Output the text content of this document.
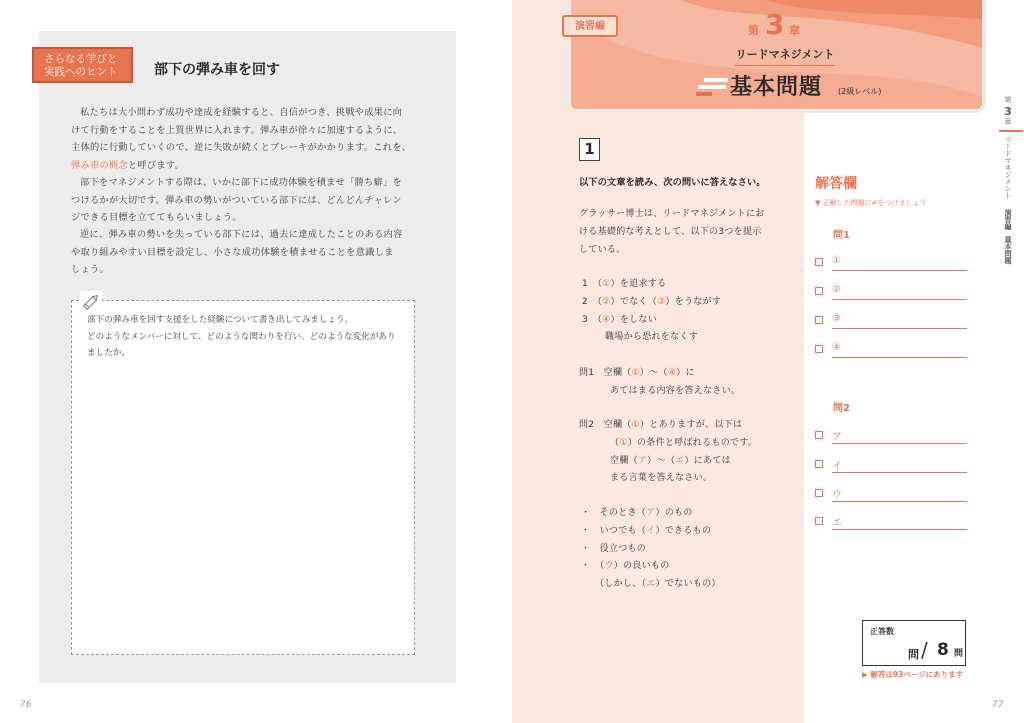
さらなる学びと
実践へのヒント	部下の弾み車を回す
私たちは大小問わず成功や達成を経験すると、自信がつき、挑戦や成果に向
けて行動をすることを上質世界に入れます。弾み車が徐々に加速するように、
主体的に行動していくので、逆に失敗が続くとブレーキがかかります。これを、
弾み車の概念と呼びます。
部下をマネジメントする際は、いかに部下に成功体験を積ませ「勝ち癖」を
つけるかが大切です。弾み車の勢いがついている部下には、どんどんチャレン
ジできる目標を立ててもらいましょう。
逆に、弾み車の勢いを失っている部下には、過去に達成したことのある内容
や取り組みやすい目標を設定し、小さな成功体験を積ませることを意識しま
しょう。
部下の弾み車を回す支援をした経験について書き出してみましょう。
どのようなメンバーに対して、どのような関わりを行い、どのような変化があり
ましたか。
76
演習編	第 3 章
リードマネジメント
基本問題 (2級レベル)
1
以下の文章を読み、次の問いに答えなさい。
グラッサー博士は、リードマネジメントにお
ける基礎的な考えとして、以下の3つを提示
している。
1　（①）を追求する
2　（②）でなく（③）をうながす
3　（④）をしない
職場から恐れをなくす
問1　 空欄（①）～（④）に
あてはまる内容を答えなさい。
問2　 空欄（①）とありますが、以下は
（①）の条件と呼ばれるものです。
空欄（ア）～（エ）にあては
まる言葉を答えなさい。
・　そのとき（ア）のもの
・　いつでも（イ）できるもの
・　役立つもの
・　（ウ）の良いもの
（しかし、（エ）でないもの）
解答欄
▼ 正解した問題に✔をつけましょう
問1
①
②
③
④
問2
ア
イ
ウ
エ
正答数
問 / 8 問
▶ 解答は93ページにあります
第
3
章
リードマネジメント
演習編
基本問題
77
